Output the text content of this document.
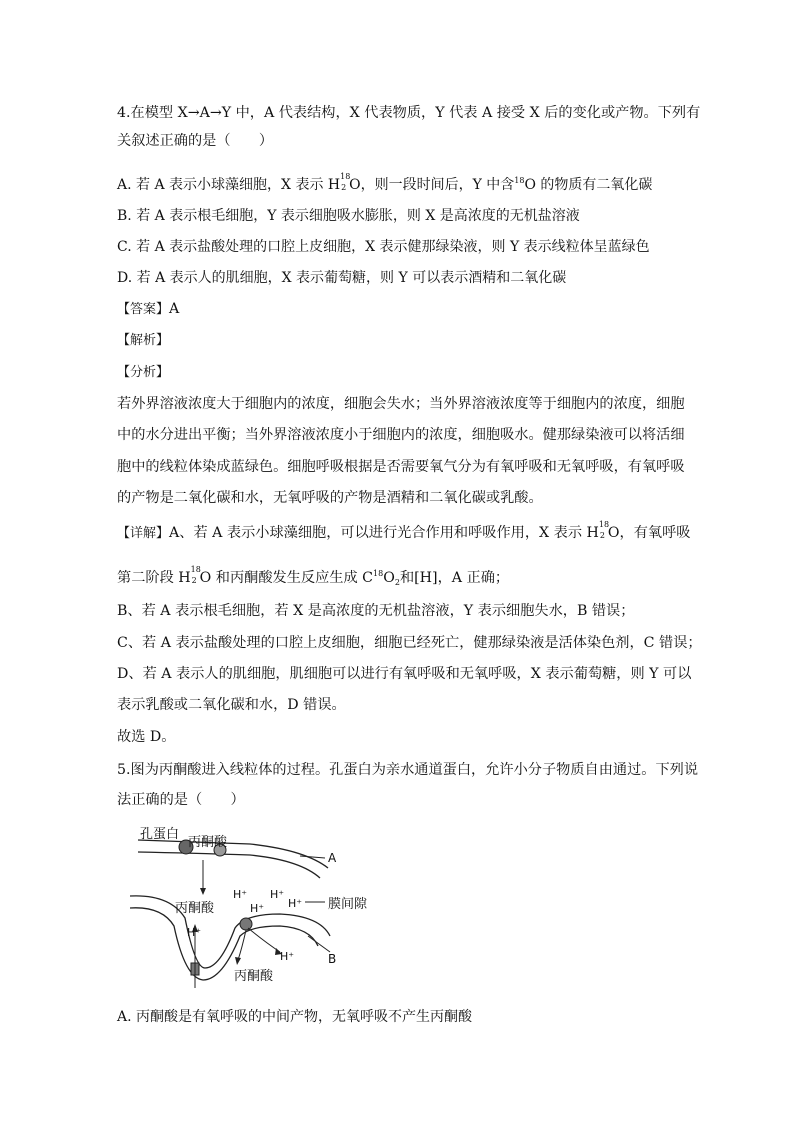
4.在模型 X→A→Y 中，A 代表结构，X 代表物质，Y 代表 A 接受 X 后的变化或产物。下列有
关叙述正确的是（　　）
A. 若 A 表示小球藻细胞，X 表示 H
18
2 O，则一段时间后，Y 中含$^{18}$O 的物质有二氧化碳
B. 若 A 表示根毛细胞，Y 表示细胞吸水膨胀，则 X 是高浓度的无机盐溶液
C. 若 A 表示盐酸处理的口腔上皮细胞，X 表示健那绿染液，则 Y 表示线粒体呈蓝绿色
D. 若 A 表示人的肌细胞，X 表示葡萄糖，则 Y 可以表示酒精和二氧化碳
【答案】A
【解析】
【分析】
若外界溶液浓度大于细胞内的浓度，细胞会失水；当外界溶液浓度等于细胞内的浓度，细胞
中的水分进出平衡；当外界溶液浓度小于细胞内的浓度，细胞吸水。健那绿染液可以将活细
胞中的线粒体染成蓝绿色。细胞呼吸根据是否需要氧气分为有氧呼吸和无氧呼吸，有氧呼吸
的产物是二氧化碳和水，无氧呼吸的产物是酒精和二氧化碳或乳酸。
【详解】A、若 A 表示小球藻细胞，可以进行光合作用和呼吸作用，X 表示 H
18
2 O，有氧呼吸
第二阶段 H
18
2 O 和丙酮酸发生反应生成 $C^{18}O_2$和[H]，A 正确；
B、若 A 表示根毛细胞，若 X 是高浓度的无机盐溶液，Y 表示细胞失水，B 错误；
C、若 A 表示盐酸处理的口腔上皮细胞，细胞已经死亡，健那绿染液是活体染色剂，C 错误；
D、若 A 表示人的肌细胞，肌细胞可以进行有氧呼吸和无氧呼吸，X 表示葡萄糖，则 Y 可以
表示乳酸或二氧化碳和水，D 错误。
故选 D。
5.图为丙酮酸进入线粒体的过程。孔蛋白为亲水通道蛋白，允许小分子物质自由通过。下列说
法正确的是（　　）
孔蛋白
丙酮酸
丙酮酸
丙酮酸
A
B
膜间隙
H⁺
H⁺
H⁺
H⁺
H⁺
H⁺
A. 丙酮酸是有氧呼吸的中间产物，无氧呼吸不产生丙酮酸
